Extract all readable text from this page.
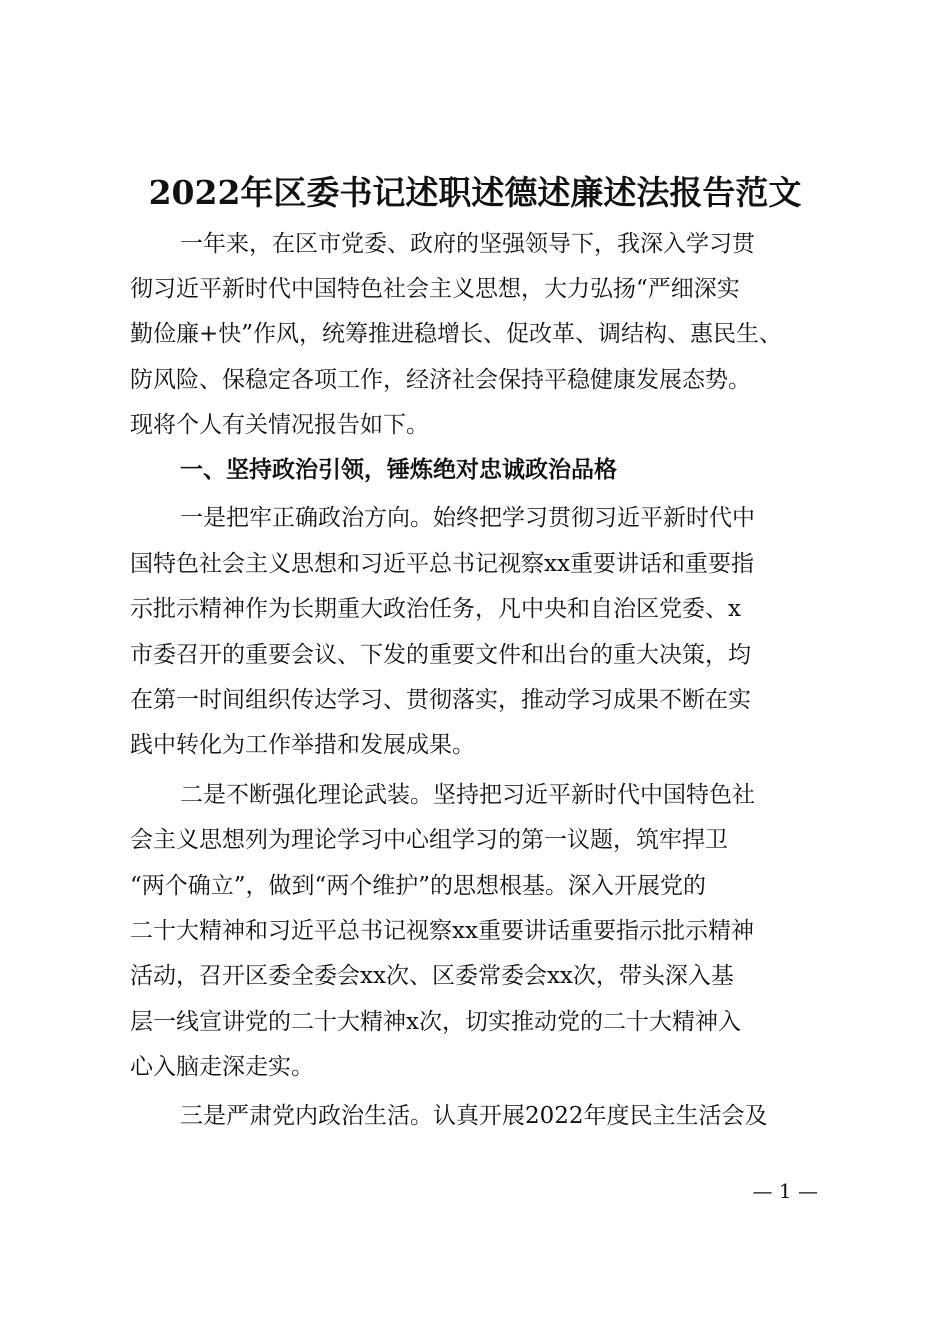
2022年区委书记述职述德述廉述法报告范文
一年来，在区市党委、政府的坚强领导下，我深入学习贯
彻习近平新时代中国特色社会主义思想，大力弘扬“严细深实
勤俭廉+快”作风，统筹推进稳增长、促改革、调结构、惠民生、
防风险、保稳定各项工作，经济社会保持平稳健康发展态势。
现将个人有关情况报告如下。
一、坚持政治引领，锤炼绝对忠诚政治品格
一是把牢正确政治方向。始终把学习贯彻习近平新时代中
国特色社会主义思想和习近平总书记视察xx重要讲话和重要指
示批示精神作为长期重大政治任务，凡中央和自治区党委、x
市委召开的重要会议、下发的重要文件和出台的重大决策，均
在第一时间组织传达学习、贯彻落实，推动学习成果不断在实
践中转化为工作举措和发展成果。
二是不断强化理论武装。坚持把习近平新时代中国特色社
会主义思想列为理论学习中心组学习的第一议题，筑牢捍卫
“两个确立”，做到“两个维护”的思想根基。深入开展党的
二十大精神和习近平总书记视察xx重要讲话重要指示批示精神
活动，召开区委全委会xx次、区委常委会xx次，带头深入基
层一线宣讲党的二十大精神x次，切实推动党的二十大精神入
心入脑走深走实。
三是严肃党内政治生活。认真开展2022年度民主生活会及
— 1 —
